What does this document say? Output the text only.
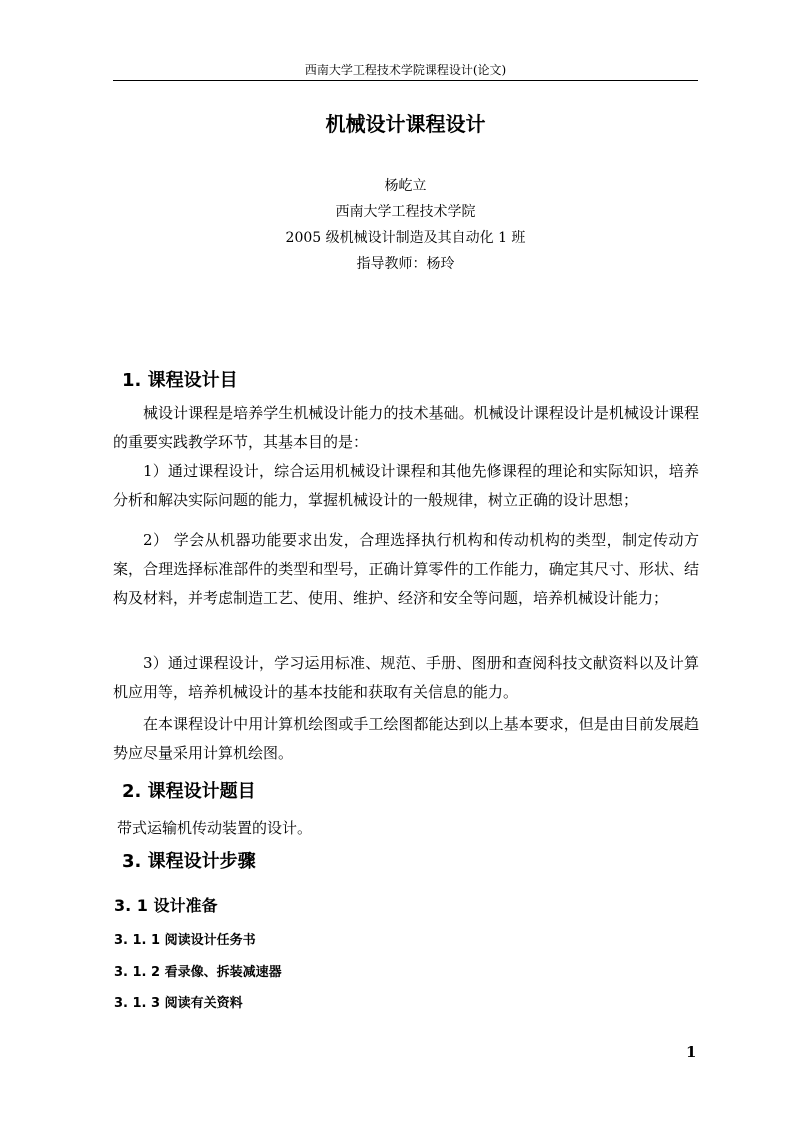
西南大学工程技术学院课程设计(论文)
机械设计课程设计
杨屹立
西南大学工程技术学院
2005 级机械设计制造及其自动化 1 班
指导教师：杨玲
1. 课程设计目

械设计课程是培养学生机械设计能力的技术基础。机械设计课程设计是机械设计课程的重要实践教学环节，其基本目的是：

1）通过课程设计，综合运用机械设计课程和其他先修课程的理论和实际知识，培养分析和解决实际问题的能力，掌握机械设计的一般规律，树立正确的设计思想；

2） 学会从机器功能要求出发，合理选择执行机构和传动机构的类型，制定传动方案，合理选择标准部件的类型和型号，正确计算零件的工作能力，确定其尺寸、形状、结构及材料，并考虑制造工艺、使用、维护、经济和安全等问题，培养机械设计能力；

3）通过课程设计，学习运用标准、规范、手册、图册和查阅科技文献资料以及计算机应用等，培养机械设计的基本技能和获取有关信息的能力。

在本课程设计中用计算机绘图或手工绘图都能达到以上基本要求，但是由目前发展趋势应尽量采用计算机绘图。

2. 课程设计题目
带式运输机传动装置的设计。
3. 课程设计步骤
3. 1 设计准备
3. 1. 1 阅读设计任务书
3. 1. 2 看录像、拆装减速器
3. 1. 3 阅读有关资料
1
